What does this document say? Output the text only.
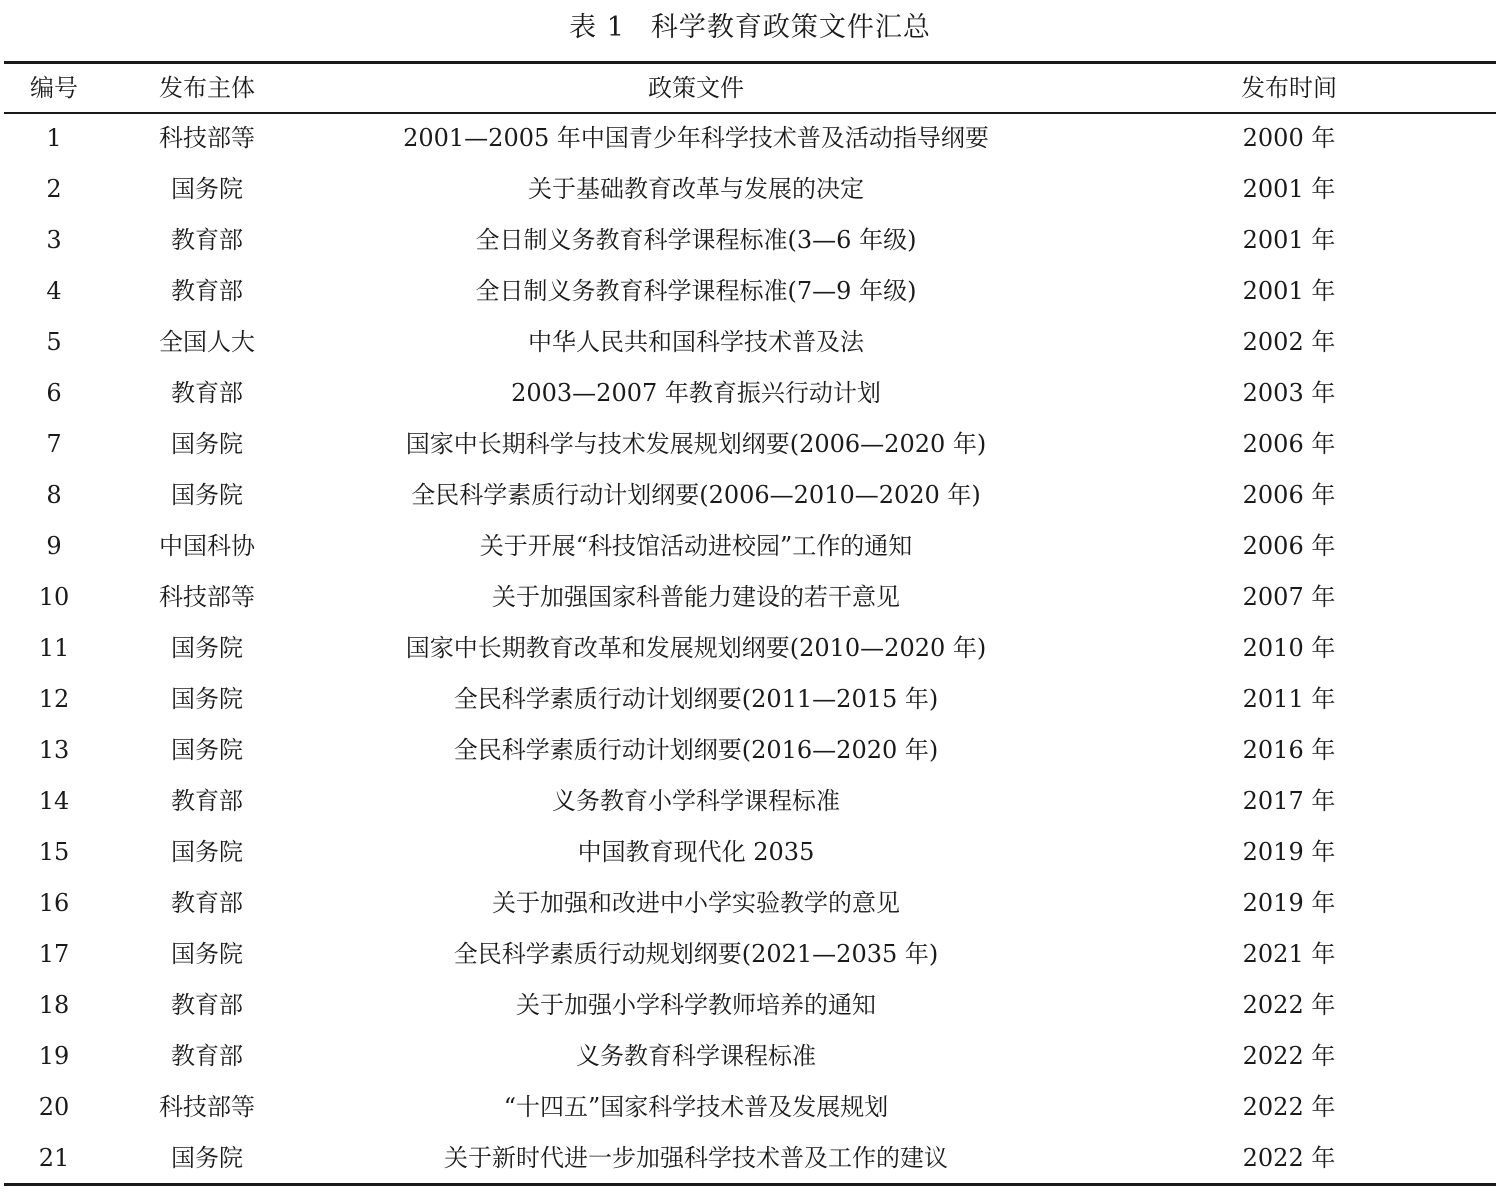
表 1 科学教育政策文件汇总
编号	发布主体	政策文件	发布时间
1	科技部等	2001—2005 年中国青少年科学技术普及活动指导纲要	2000 年
2	国务院	关于基础教育改革与发展的决定	2001 年
3	教育部	全日制义务教育科学课程标准(3—6 年级)	2001 年
4	教育部	全日制义务教育科学课程标准(7—9 年级)	2001 年
5	全国人大	中华人民共和国科学技术普及法	2002 年
6	教育部	2003—2007 年教育振兴行动计划	2003 年
7	国务院	国家中长期科学与技术发展规划纲要(2006—2020 年)	2006 年
8	国务院	全民科学素质行动计划纲要(2006—2010—2020 年)	2006 年
9	中国科协	关于开展“科技馆活动进校园”工作的通知	2006 年
10	科技部等	关于加强国家科普能力建设的若干意见	2007 年
11	国务院	国家中长期教育改革和发展规划纲要(2010—2020 年)	2010 年
12	国务院	全民科学素质行动计划纲要(2011—2015 年)	2011 年
13	国务院	全民科学素质行动计划纲要(2016—2020 年)	2016 年
14	教育部	义务教育小学科学课程标准	2017 年
15	国务院	中国教育现代化 2035	2019 年
16	教育部	关于加强和改进中小学实验教学的意见	2019 年
17	国务院	全民科学素质行动规划纲要(2021—2035 年)	2021 年
18	教育部	关于加强小学科学教师培养的通知	2022 年
19	教育部	义务教育科学课程标准	2022 年
20	科技部等	“十四五”国家科学技术普及发展规划	2022 年
21	国务院	关于新时代进一步加强科学技术普及工作的建议	2022 年
